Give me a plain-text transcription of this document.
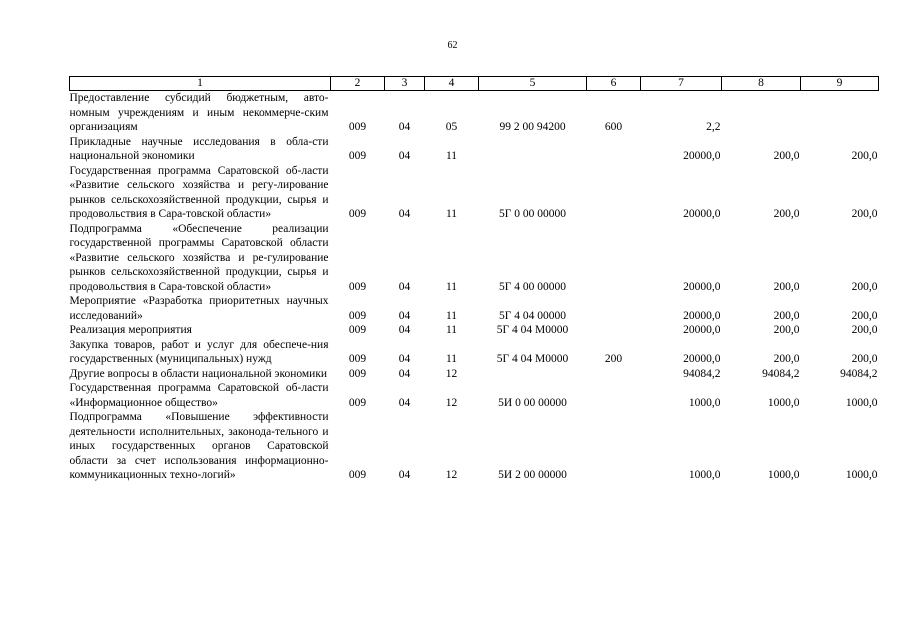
62
1	2	3	4	5	6	7	8	9
Предоставление субсидий бюджетным, авто-номным учреждениям и иным некоммерче-ским организациям	009	04	05	99 2 00 94200	600	2,2		
Прикладные научные исследования в обла-сти национальной экономики	009	04	11			20000,0	200,0	200,0
Государственная программа Саратовской об-ласти «Развитие сельского хозяйства и регу-лирование рынков сельскохозяйственной продукции, сырья и продовольствия в Сара-товской области»	009	04	11	5Г 0 00 00000		20000,0	200,0	200,0
Подпрограмма «Обеспечение реализации государственной программы Саратовской области «Развитие сельского хозяйства и ре-гулирование рынков сельскохозяйственной продукции, сырья и продовольствия в Сара-товской области»	009	04	11	5Г 4 00 00000		20000,0	200,0	200,0
Мероприятие «Разработка приоритетных научных исследований»	009	04	11	5Г 4 04 00000		20000,0	200,0	200,0
Реализация мероприятия	009	04	11	5Г 4 04 М0000		20000,0	200,0	200,0
Закупка товаров, работ и услуг для обеспече-ния государственных (муниципальных) нужд	009	04	11	5Г 4 04 М0000	200	20000,0	200,0	200,0
Другие вопросы в области национальной экономики	009	04	12			94084,2	94084,2	94084,2
Государственная программа Саратовской об-ласти «Информационное общество»	009	04	12	5И 0 00 00000		1000,0	1000,0	1000,0
Подпрограмма «Повышение эффективности деятельности исполнительных, законода-тельного и иных государственных органов Саратовской области за счет использования информационно-коммуникационных техно-логий»	009	04	12	5И 2 00 00000		1000,0	1000,0	1000,0
